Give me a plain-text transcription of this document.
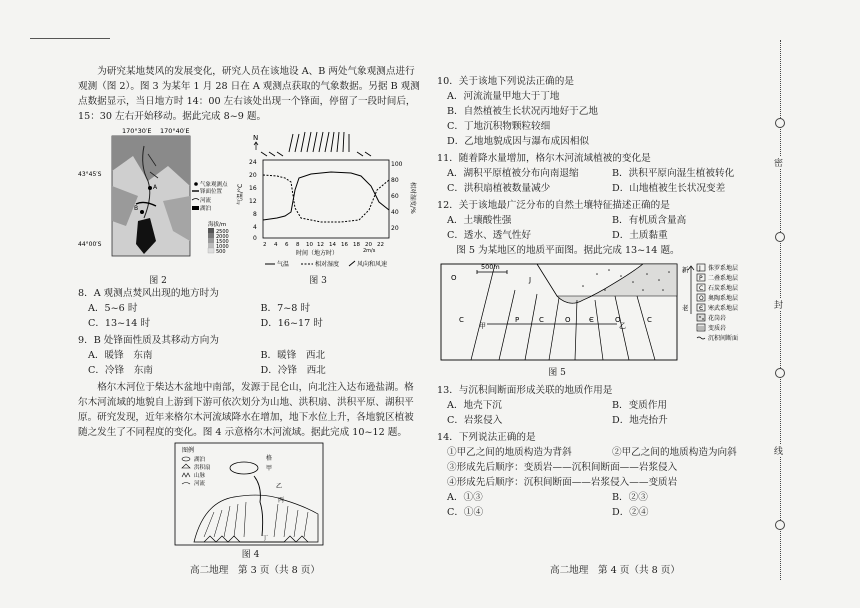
为研究某地焚风的发展变化，研究人员在该地设 A、B 两处气象观测点进行观测（图 2）。图 3 为某年 1 月 28 日在 A 观测点获取的气象数据。另据 B 观测点数据显示，当日地方时 14：00 左右该处出现一个锋面，停留了一段时间后，15：30 左右开始移动。据此完成 8~9 题。

170°30′E 170°40′E
A
B
43°45′S
44°00′S
气象观测点
锋面位置
河流
湖泊
海拔/m
2500
2000
1500
1000
500
图 2
N
24
20
16
12
8
4
0
气温/°C
100
80
60
40
20
相对湿度/%
2 4 6 8 10 12 14 16 18 20 22
时间（地方时）	2m/s
气温	相对湿度	风向和风速
图 3

8．A 观测点焚风出现的地方时为

A．5~6 时	B．7~8 时
C．13~14 时	D．16~17 时

9．B 处锋面性质及其移动方向为

A．暖锋　东南	B．暖锋　西北
C．冷锋　东南	D．冷锋　西北

格尔木河位于柴达木盆地中南部，发源于昆仑山，向北注入达布逊盐湖。格尔木河流域的地貌自上游到下游可依次划分为山地、洪积扇、洪积平原、湖积平原。研究发现，近年来格尔木河流域降水在增加，地下水位上升，各地貌区植被随之发生了不同程度的变化。图 4 示意格尔木河流域。据此完成 10~12 题。

图例
湖泊
洪积扇
山脉
河流
格
甲
乙
丙
丁
图 4
高二地理　第 3 页（共 8 页）

10．关于该地下列说法正确的是

A．河流流量甲地大于丁地

B．自然植被生长状况丙地好于乙地

C．丁地沉积物颗粒较细

D．乙地地貌成因与瀑布成因相似

11．随着降水量增加，格尔木河流域植被的变化是

A．湖积平原植被分布向南退缩	B．洪积平原向湿生植被转化
C．洪积扇植被数量减少	D．山地植被生长状况变差

12．关于该地最广泛分布的自然土壤特征描述正确的是

A．土壤酸性强	B．有机质含量高
C．透水、透气性好	D．土质黏重

图 5 为某地区的地质平面图。据此完成 13~14 题。

500m
O	J
C	P	C	O	Є	O	C
甲	乙
新
老
J 侏罗系地层
P 二叠系地层
C 石炭系地层
O 奥陶系地层
Є 寒武系地层
花岗岩
变质岩
沉积间断面
图 5

13．与沉积间断面形成关联的地质作用是

A．地壳下沉	B．变质作用
C．岩浆侵入	D．地壳抬升

14．下列说法正确的是

①甲乙之间的地质构造为背斜	②甲乙之间的地质构造为向斜

③形成先后顺序：变质岩——沉积间断面——岩浆侵入

④形成先后顺序：沉积间断面——岩浆侵入——变质岩

A．①③	B．②③
C．①④	D．②④
高二地理　第 4 页（共 8 页）
密
封
线
